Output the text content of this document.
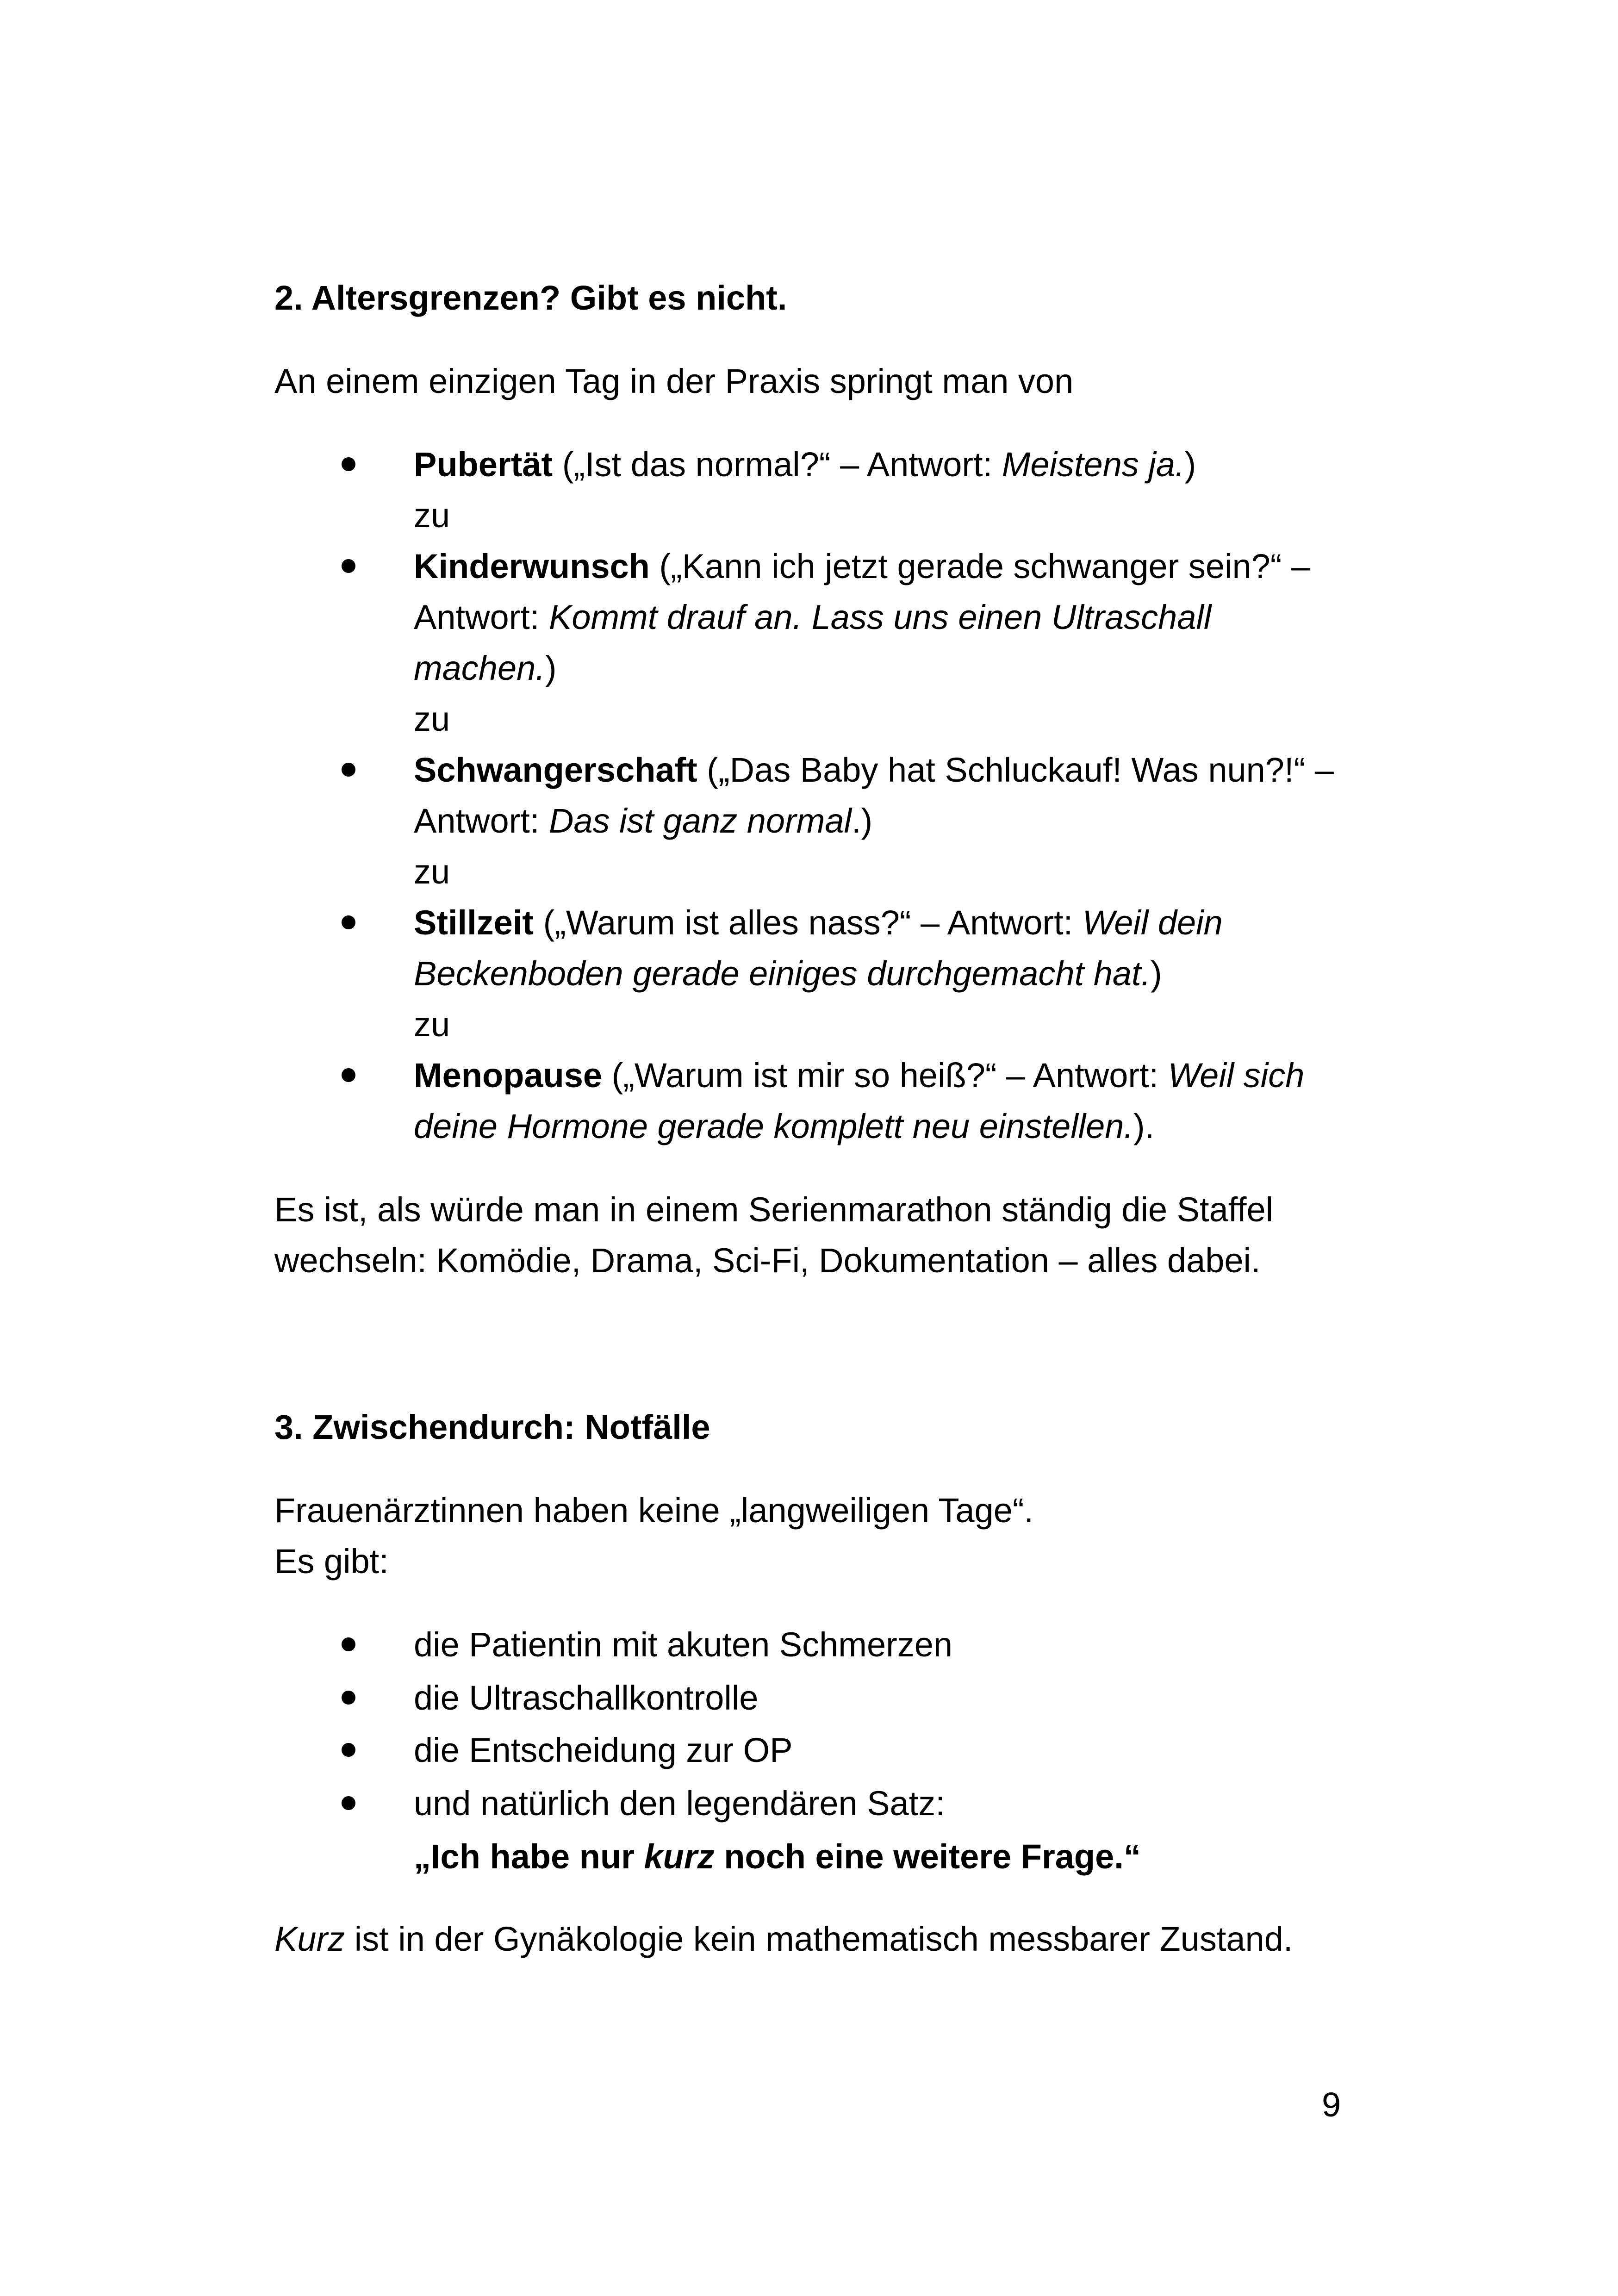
2. Altersgrenzen? Gibt es nicht.

An einem einzigen Tag in der Praxis springt man von

Pubertät („Ist das normal?“ – Antwort: Meistens ja.)

zu

Kinderwunsch („Kann ich jetzt gerade schwanger sein?“ –

Antwort: Kommt drauf an. Lass uns einen Ultraschall

machen.)

zu

Schwangerschaft („Das Baby hat Schluckauf! Was nun?!“ –

Antwort: Das ist ganz normal.)

zu

Stillzeit („Warum ist alles nass?“ – Antwort: Weil dein

Beckenboden gerade einiges durchgemacht hat.)

zu

Menopause („Warum ist mir so heiß?“ – Antwort: Weil sich

deine Hormone gerade komplett neu einstellen.).

Es ist, als würde man in einem Serienmarathon ständig die Staffel

wechseln: Komödie, Drama, Sci-Fi, Dokumentation – alles dabei.

3. Zwischendurch: Notfälle

Frauenärztinnen haben keine „langweiligen Tage“.

Es gibt:

die Patientin mit akuten Schmerzen

die Ultraschallkontrolle

die Entscheidung zur OP

und natürlich den legendären Satz:

„Ich habe nur kurz noch eine weitere Frage.“

Kurz ist in der Gynäkologie kein mathematisch messbarer Zustand.

9
